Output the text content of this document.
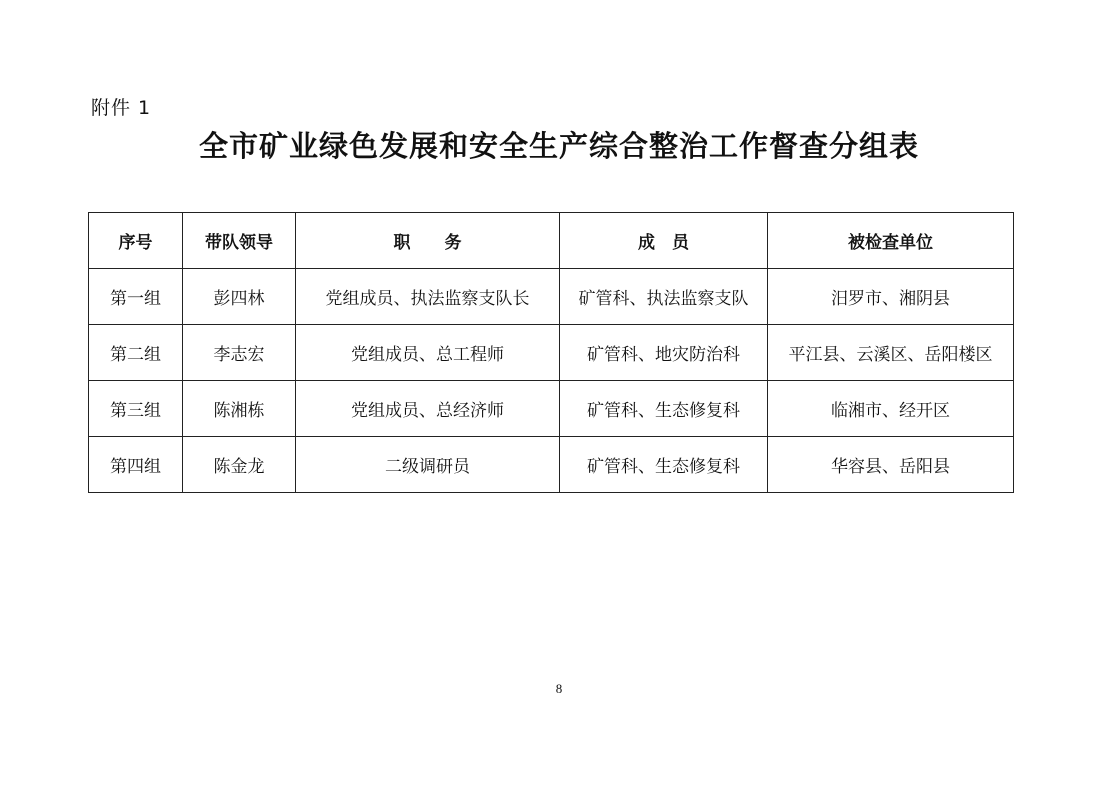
附件 1
全市矿业绿色发展和安全生产综合整治工作督查分组表
序号	带队领导	职　　务	成　员	被检查单位
第一组	彭四林	党组成员、执法监察支队长	矿管科、执法监察支队	汨罗市、湘阴县
第二组	李志宏	党组成员、总工程师	矿管科、地灾防治科	平江县、云溪区、岳阳楼区
第三组	陈湘栋	党组成员、总经济师	矿管科、生态修复科	临湘市、经开区
第四组	陈金龙	二级调研员	矿管科、生态修复科	华容县、岳阳县
8
